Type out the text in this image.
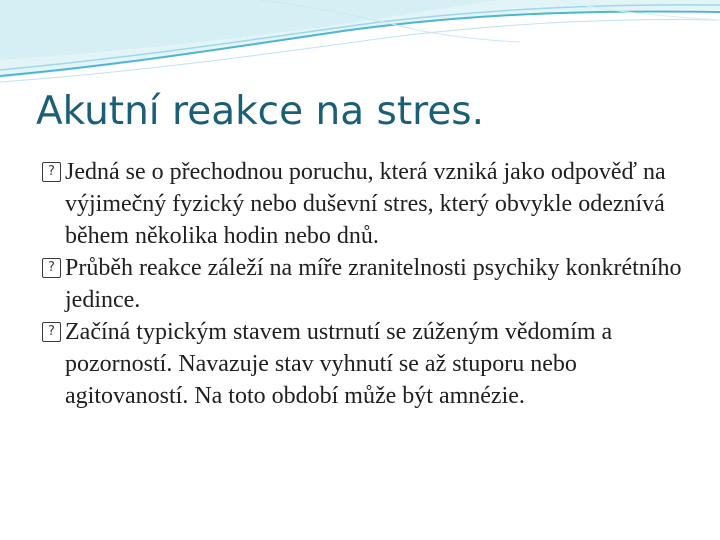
Akutní reakce na stres.
?
Jedná se o přechodnou poruchu, která vzniká jako odpověď na výjimečný fyzický nebo duševní stres, který obvykle odeznívá během několika hodin nebo dnů.
?
Průběh reakce záleží na míře zranitelnosti psychiky konkrétního jedince.
?
Začíná typickým stavem ustrnutí se zúženým vědomím a pozorností. Navazuje stav vyhnutí se až stuporu nebo agitovaností. Na toto období může být amnézie.
